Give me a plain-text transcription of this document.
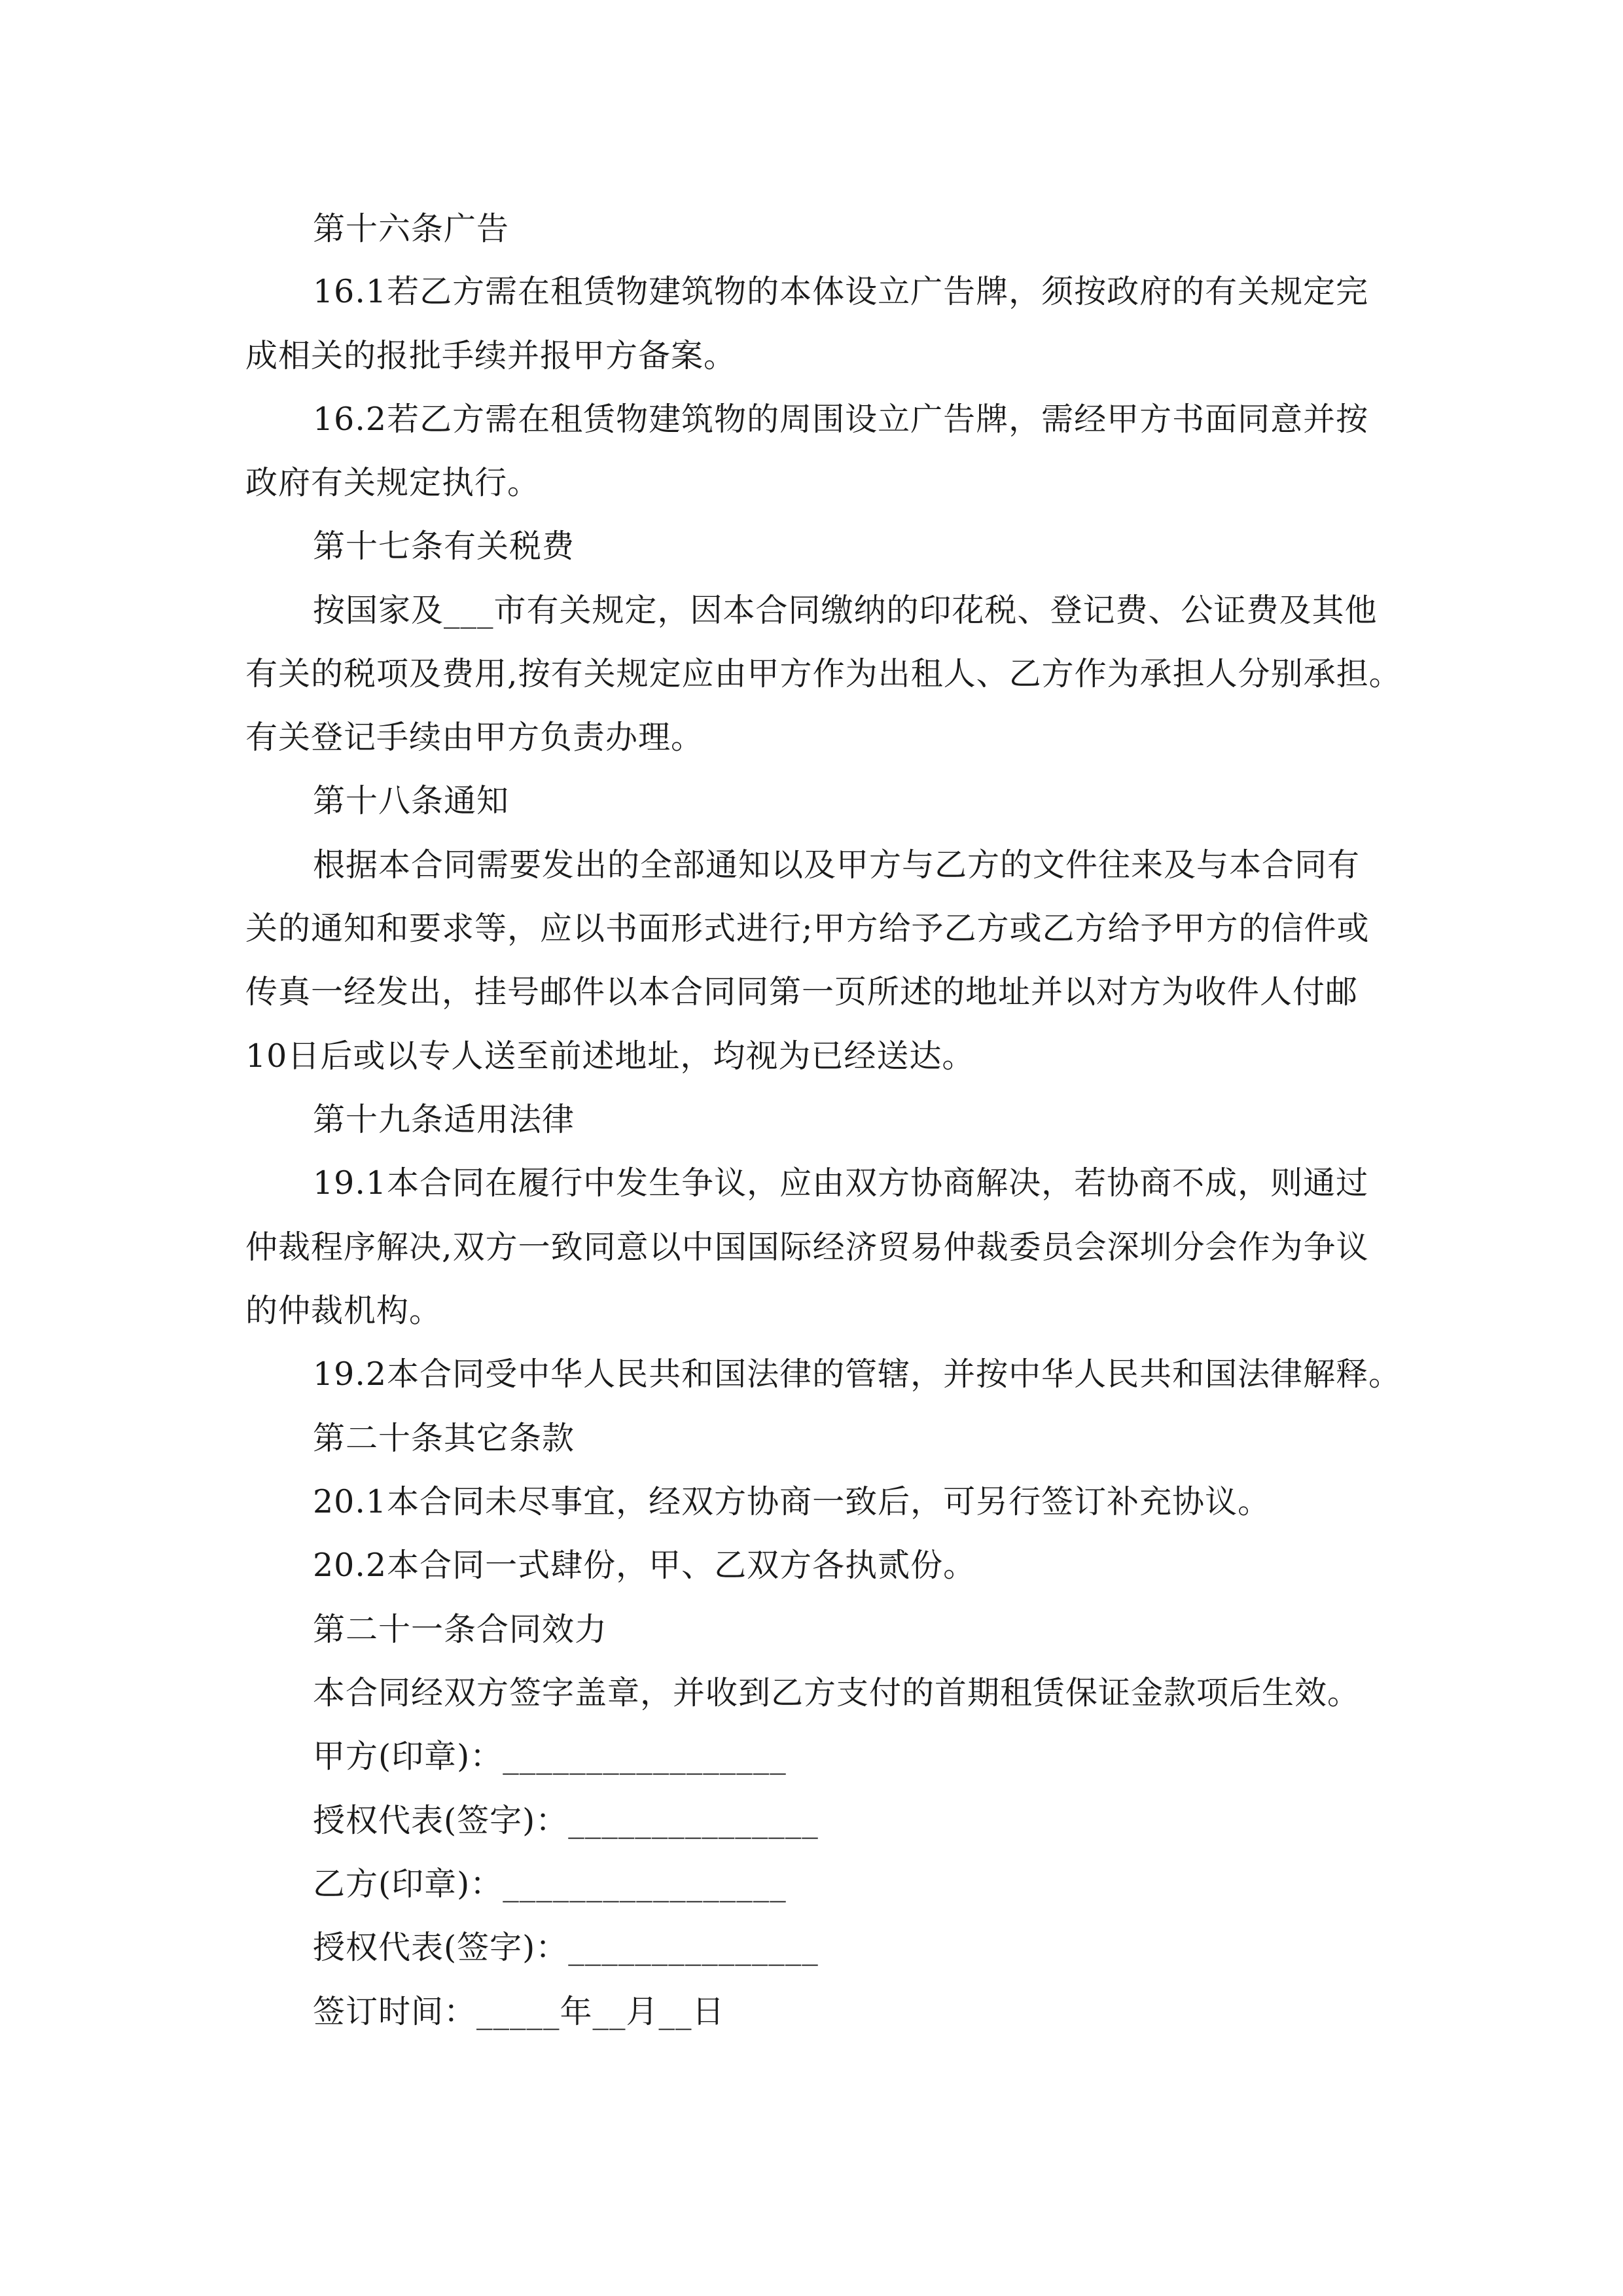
第十六条广告
16.1若乙方需在租赁物建筑物的本体设立广告牌，须按政府的有关规定完
成相关的报批手续并报甲方备案。
16.2若乙方需在租赁物建筑物的周围设立广告牌，需经甲方书面同意并按
政府有关规定执行。
第十七条有关税费
按国家及___市有关规定，因本合同缴纳的印花税、登记费、公证费及其他
有关的税项及费用,按有关规定应由甲方作为出租人、乙方作为承担人分别承担。
有关登记手续由甲方负责办理。
第十八条通知
根据本合同需要发出的全部通知以及甲方与乙方的文件往来及与本合同有
关的通知和要求等，应以书面形式进行;甲方给予乙方或乙方给予甲方的信件或
传真一经发出，挂号邮件以本合同同第一页所述的地址并以对方为收件人付邮
10日后或以专人送至前述地址，均视为已经送达。
第十九条适用法律
19.1本合同在履行中发生争议，应由双方协商解决，若协商不成，则通过
仲裁程序解决,双方一致同意以中国国际经济贸易仲裁委员会深圳分会作为争议
的仲裁机构。
19.2本合同受中华人民共和国法律的管辖，并按中华人民共和国法律解释。
第二十条其它条款
20.1本合同未尽事宜，经双方协商一致后，可另行签订补充协议。
20.2本合同一式肆份，甲、乙双方各执贰份。
第二十一条合同效力
本合同经双方签字盖章，并收到乙方支付的首期租赁保证金款项后生效。
甲方(印章)：_________________
授权代表(签字)：_______________
乙方(印章)：_________________
授权代表(签字)：_______________
签订时间：_____年__月__日
